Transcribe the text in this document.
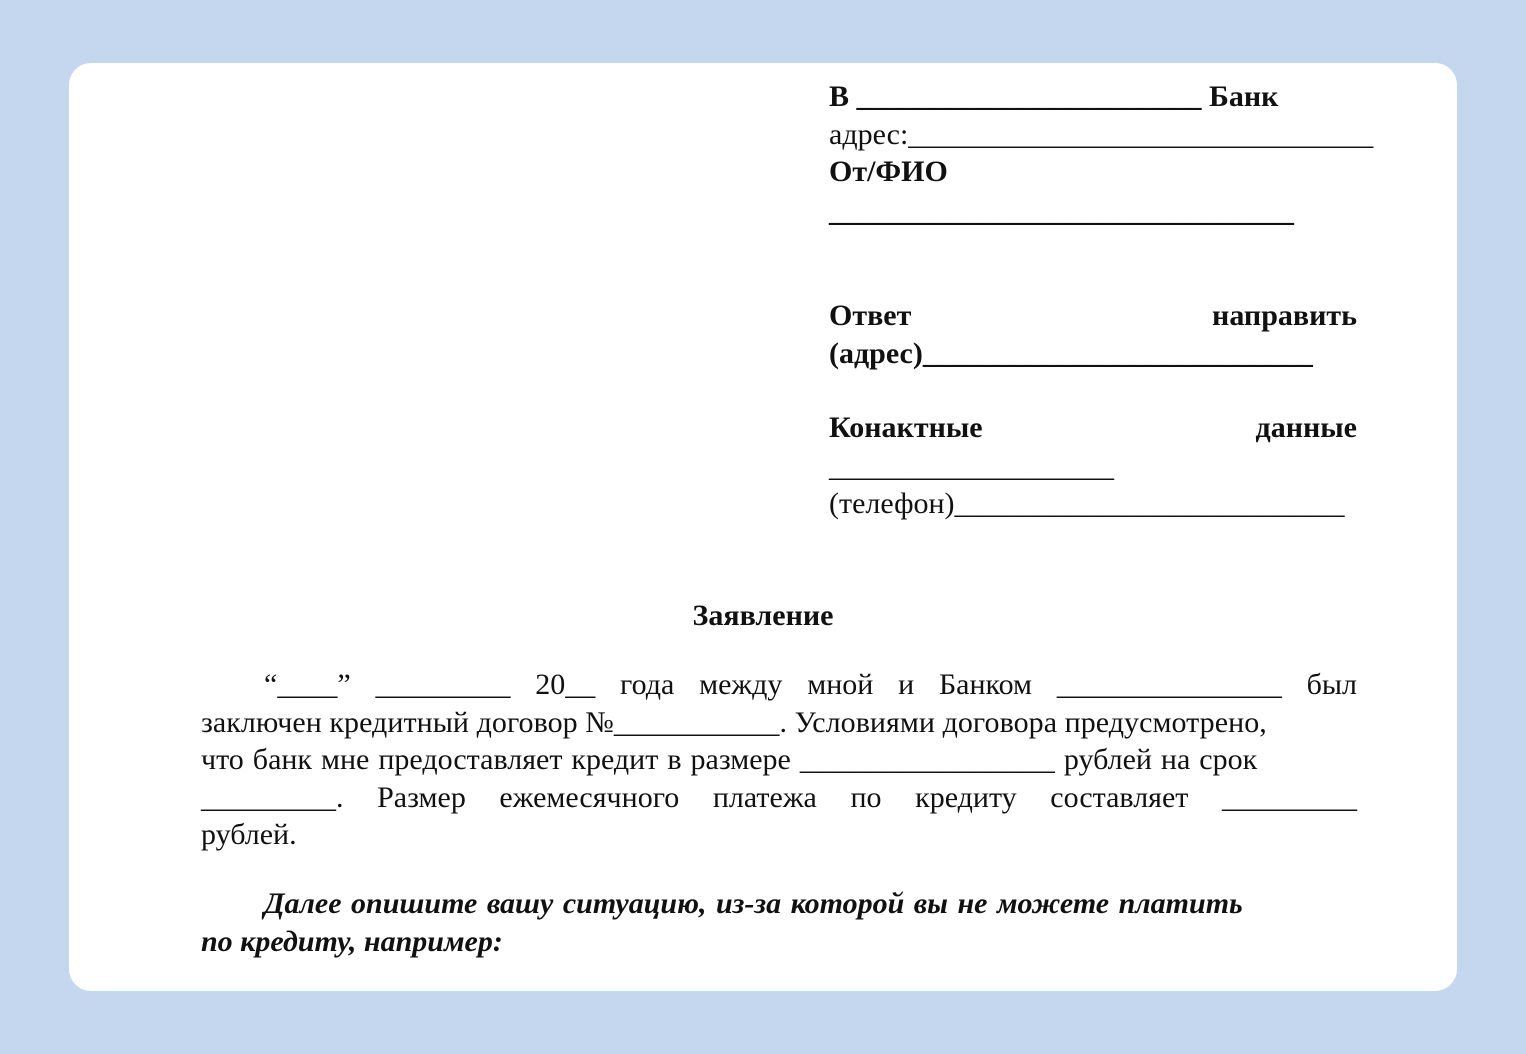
В _______________________ Банк
адрес:_______________________________
От/ФИО
_______________________________
Ответ	направить
(адрес)__________________________
Конактные	данные
___________________
(телефон)__________________________
Заявление
“____” _________ 20__ года между мной и Банком _______________ был
заключен кредитный договор №___________. Условиями договора предусмотрено,
что банк мне предоставляет кредит в размере _________________ рублей на срок
_________. Размер ежемесячного платежа по кредиту составляет _________
рублей.
Далее опишите вашу ситуацию, из-за которой вы не можете платить
по кредиту, например:
